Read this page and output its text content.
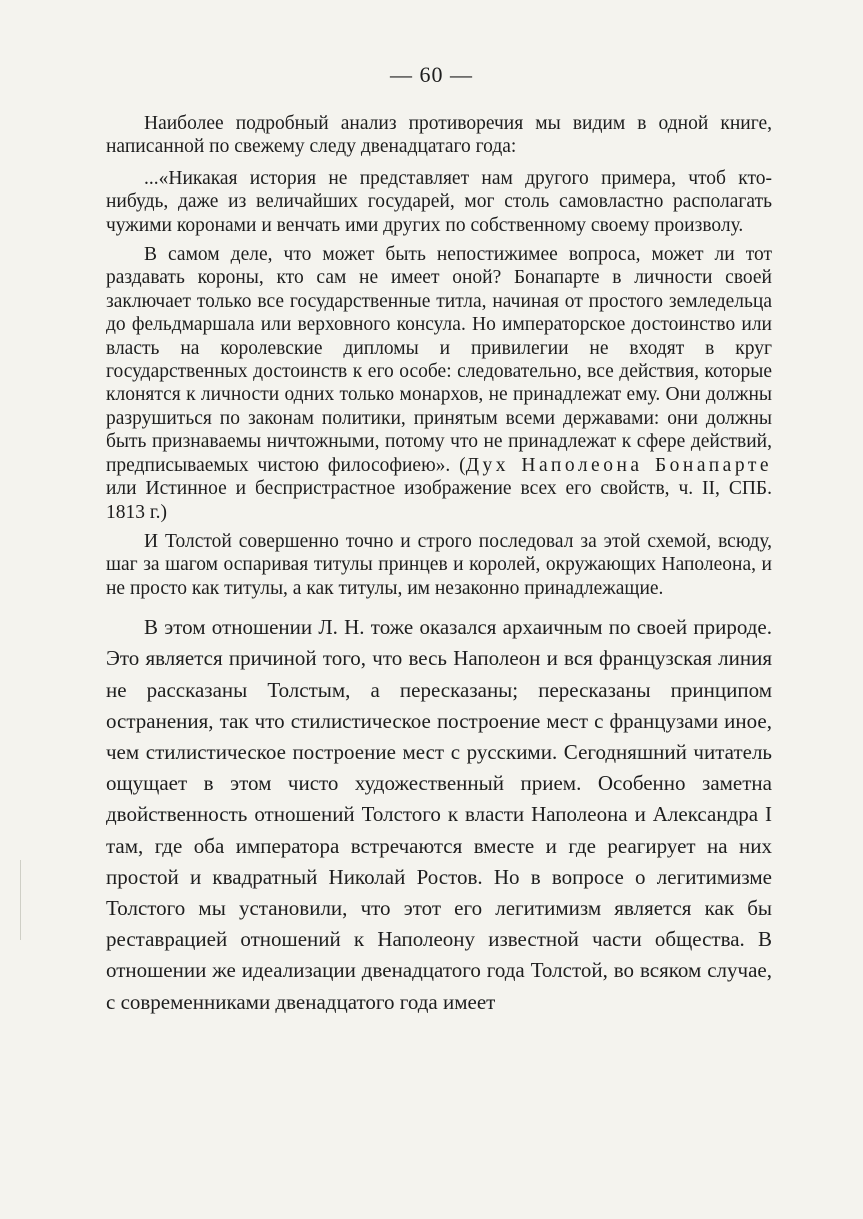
— 60 —

Наиболее подробный анализ противоречия мы видим в одной книге, написанной по свежему следу двенадцатаго года:

...«Никакая история не представляет нам другого примера, чтоб кто-нибудь, даже из величайших государей, мог столь самовластно располагать чужими коронами и венчать ими других по собственному своему произволу.

В самом деле, что может быть непостижимее вопроса, может ли тот раздавать короны, кто сам не имеет оной? Бонапарте в личности своей заключает только все государственные титла, начиная от простого земледельца до фельдмаршала или верховного консула. Но императорское достоинство или власть на королевские дипломы и привилегии не входят в круг государственных достоинств к его особе: следовательно, все действия, которые клонятся к личности одних только монархов, не принадлежат ему. Они должны разрушиться по законам политики, принятым всеми державами: они должны быть признаваемы ничтожными, потому что не принадлежат к сфере действий, предписываемых чистою философиею». (Дух Наполеона Бонапарте или Истинное и беспристрастное изображение всех его свойств, ч. II, СПБ. 1813 г.)

И Толстой совершенно точно и строго последовал за этой схемой, всюду, шаг за шагом оспаривая титулы принцев и королей, окружающих Наполеона, и не просто как титулы, а как титулы, им незаконно принадлежащие.

В этом отношении Л. Н. тоже оказался архаичным по своей природе. Это является причиной того, что весь Наполеон и вся французская линия не рассказаны Толстым, а пересказаны; пересказаны принципом остранения, так что стилистическое построение мест с французами иное, чем стилистическое построение мест с русскими. Сегодняшний читатель ощущает в этом чисто художественный прием. Особенно заметна двойственность отношений Толстого к власти Наполеона и Александра I там, где оба императора встречаются вместе и где реагирует на них простой и квадратный Николай Ростов. Но в вопросе о легитимизме Толстого мы установили, что этот его легитимизм является как бы реставрацией отношений к Наполеону известной части общества. В отношении же идеализации двенадцатого года Толстой, во всяком случае, с современниками двенадцатого года имеет
